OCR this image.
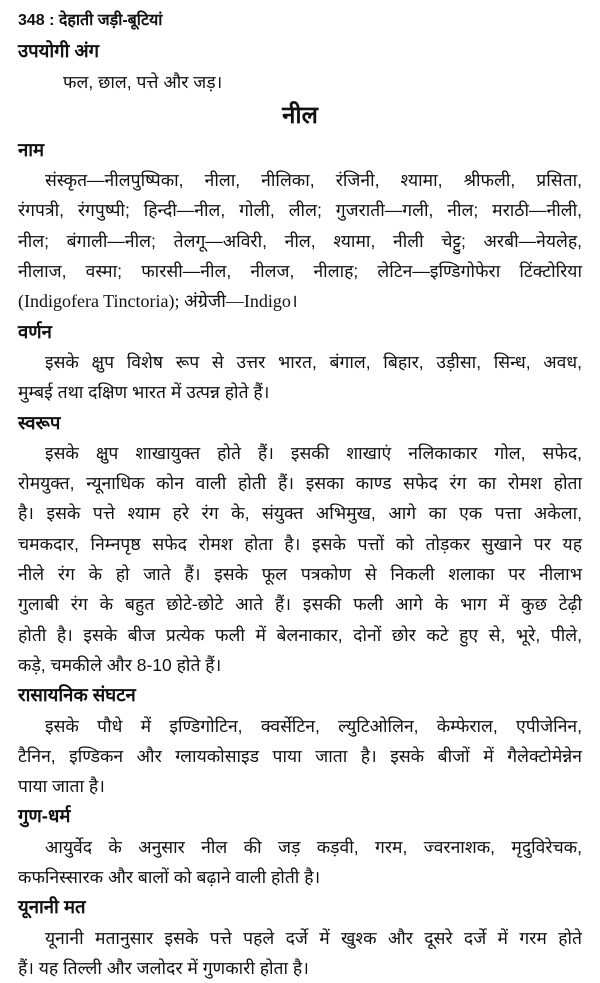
348 : देहाती जड़ी-बूटियां
उपयोगी अंग
फल, छाल, पत्ते और जड़।
नील
नाम
संस्कृत—नीलपुष्पिका, नीला, नीलिका, रंजिनी, श्यामा, श्रीफली, प्रसिता,
रंगपत्री, रंगपुष्पी; हिन्दी—नील, गोली, लील; गुजराती—गली, नील; मराठी—नीली,
नील; बंगाली—नील; तेलगू—अविरी, नील, श्यामा, नीली चेट्टु; अरबी—नेयलेह,
नीलाज, वस्मा; फारसी—नील, नीलज, नीलाह; लेटिन—इण्डिगोफेरा टिंक्टोरिया
(Indigofera Tinctoria); अंग्रेजी—Indigo।
वर्णन
इसके क्षुप विशेष रूप से उत्तर भारत, बंगाल, बिहार, उड़ीसा, सिन्ध, अवध,
मुम्बई तथा दक्षिण भारत में उत्पन्न होते हैं।
स्वरूप
इसके क्षुप शाखायुक्त होते हैं। इसकी शाखाएं नलिकाकार गोल, सफेद,
रोमयुक्त, न्यूनाधिक कोन वाली होती हैं। इसका काण्ड सफेद रंग का रोमश होता
है। इसके पत्ते श्याम हरे रंग के, संयुक्त अभिमुख, आगे का एक पत्ता अकेला,
चमकदार, निम्नपृष्ठ सफेद रोमश होता है। इसके पत्तों को तोड़कर सुखाने पर यह
नीले रंग के हो जाते हैं। इसके फूल पत्रकोण से निकली शलाका पर नीलाभ
गुलाबी रंग के बहुत छोटे-छोटे आते हैं। इसकी फली आगे के भाग में कुछ टेढ़ी
होती है। इसके बीज प्रत्येक फली में बेलनाकार, दोनों छोर कटे हुए से, भूरे, पीले,
कड़े, चमकीले और 8-10 होते हैं।
रासायनिक संघटन
इसके पौधे में इण्डिगोटिन, क्वर्सेटिन, ल्युटिओलिन, केम्फेराल, एपीजेनिन,
टैनिन, इण्डिकन और ग्लायकोसाइड पाया जाता है। इसके बीजों में गैलेक्टोमेन्नेन
पाया जाता है।
गुण-धर्म
आयुर्वेद के अनुसार नील की जड़ कड़वी, गरम, ज्वरनाशक, मृदुविरेचक,
कफनिस्सारक और बालों को बढ़ाने वाली होती है।
यूनानी मत
यूनानी मतानुसार इसके पत्ते पहले दर्जे में खुश्क और दूसरे दर्जे में गरम होते
हैं। यह तिल्ली और जलोदर में गुणकारी होता है।
